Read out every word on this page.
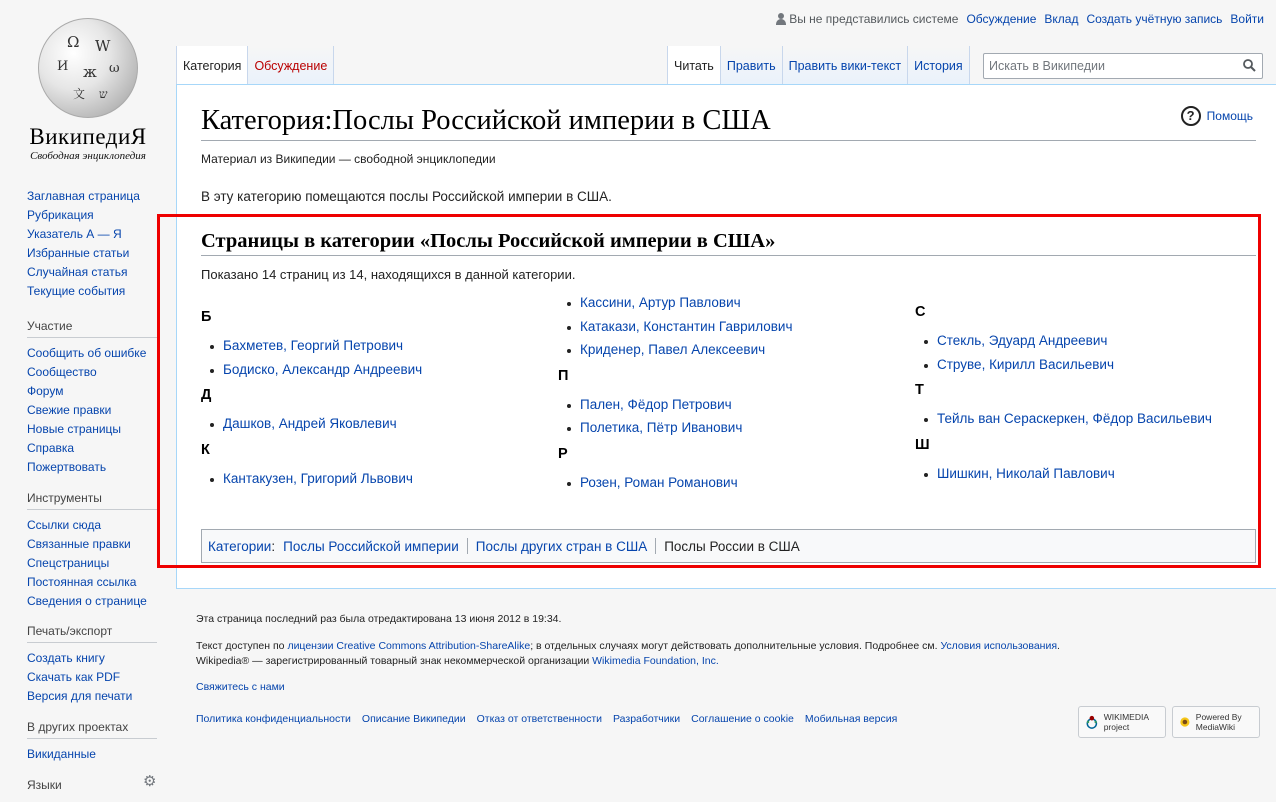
Ω W
И ж ω
文 ש
ВикипедиЯ
Свободная энциклопедия
Заглавная страница
Рубрикация
Указатель А — Я
Избранные статьи
Случайная статья
Текущие события
Участие
Сообщить об ошибке
Сообщество
Форум
Свежие правки
Новые страницы
Справка
Пожертвовать
Инструменты
Ссылки сюда
Связанные правки
Спецстраницы
Постоянная ссылка
Сведения о странице
Печать/экспорт
Создать книгу
Скачать как PDF
Версия для печати
В других проектах
Викиданные
Языки	⚙
Вы не представились системе Обсуждение Вклад Создать учётную запись Войти
Категория	Обсуждение	Читать	Править	Править вики-текст	История
Искать в Википедии
Категория:Послы Российской империи в США	?	Помощь
Материал из Википедии — свободной энциклопедии
В эту категорию помещаются послы Российской империи в США.
Страницы в категории «Послы Российской империи в США»
Показано 14 страниц из 14, находящихся в данной категории.
Б
Бахметев, Георгий Петрович
Бодиско, Александр Андреевич
Д
Дашков, Андрей Яковлевич
К
Кантакузен, Григорий Львович
Кассини, Артур Павлович
Катакази, Константин Гаврилович
Криденер, Павел Алексеевич
П
Пален, Фёдор Петрович
Полетика, Пётр Иванович
Р
Розен, Роман Романович
С
Стекль, Эдуард Андреевич
Струве, Кирилл Васильевич
Т
Тейль ван Сераскеркен, Фёдор Васильевич
Ш
Шишкин, Николай Павлович
Категории : Послы Российской империи Послы других стран в США Послы России в США

Эта страница последний раз была отредактирована 13 июня 2012 в 19:34.

Текст доступен по лицензии Creative Commons Attribution-ShareAlike; в отдельных случаях могут действовать дополнительные условия. Подробнее см. Условия использования.

Wikipedia® — зарегистрированный товарный знак некоммерческой организации Wikimedia Foundation, Inc.

Свяжитесь с нами

Политика конфиденциальности Описание Википедии Отказ от ответственности Разработчики Соглашение о cookie Мобильная версия	WIKIMEDIA project
Powered By MediaWiki
